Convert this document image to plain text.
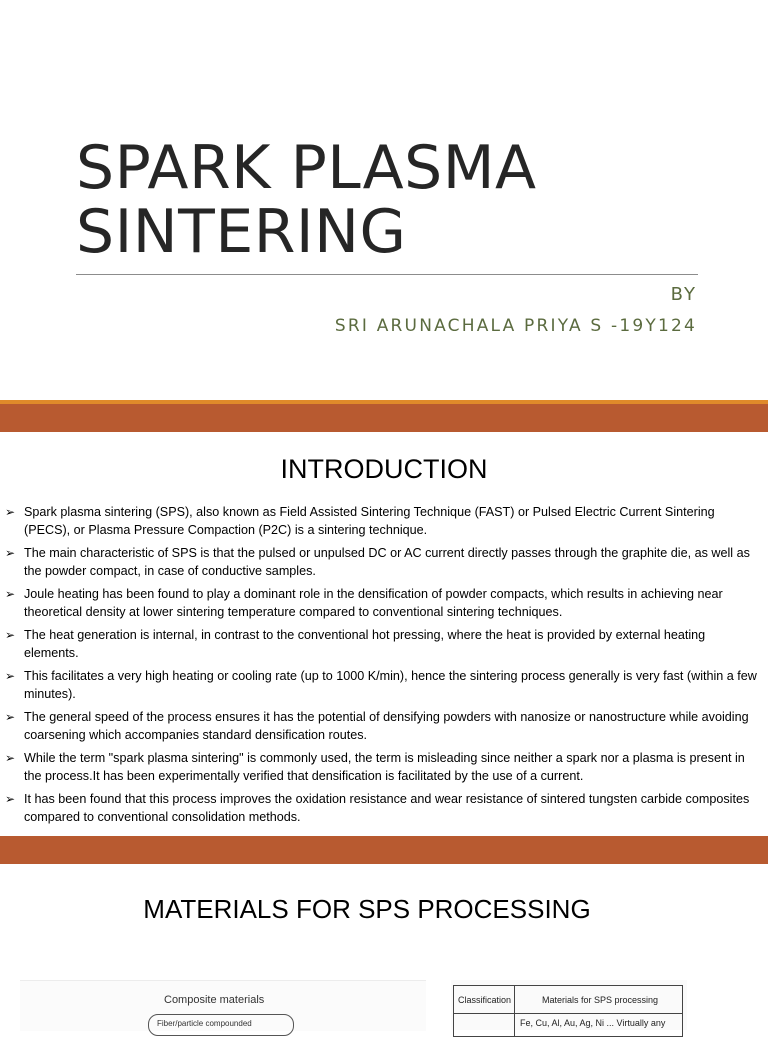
SPARK PLASMA
SINTERING
BY
SRI ARUNACHALA PRIYA S -19Y124
INTRODUCTION
➢ Spark plasma sintering (SPS), also known as Field Assisted Sintering Technique (FAST) or Pulsed Electric Current Sintering (PECS), or Plasma Pressure Compaction (P2C) is a sintering technique.
➢ The main characteristic of SPS is that the pulsed or unpulsed DC or AC current directly passes through the graphite die, as well as the powder compact, in case of conductive samples.
➢ Joule heating has been found to play a dominant role in the densification of powder compacts, which results in achieving near theoretical density at lower sintering temperature compared to conventional sintering techniques.
➢ The heat generation is internal, in contrast to the conventional hot pressing, where the heat is provided by external heating elements.
➢ This facilitates a very high heating or cooling rate (up to 1000 K/min), hence the sintering process generally is very fast (within a few minutes).
➢ The general speed of the process ensures it has the potential of densifying powders with nanosize or nanostructure while avoiding coarsening which accompanies standard densification routes.
➢ While the term "spark plasma sintering" is commonly used, the term is misleading since neither a spark nor a plasma is present in the process.It has been experimentally verified that densification is facilitated by the use of a current.
➢ It has been found that this process improves the oxidation resistance and wear resistance of sintered tungsten carbide composites compared to conventional consolidation methods.
MATERIALS FOR SPS PROCESSING
Composite materials
Fiber/particle compounded
Classification	Materials for SPS processing
Fe, Cu, Al, Au, Ag, Ni ... Virtually any
